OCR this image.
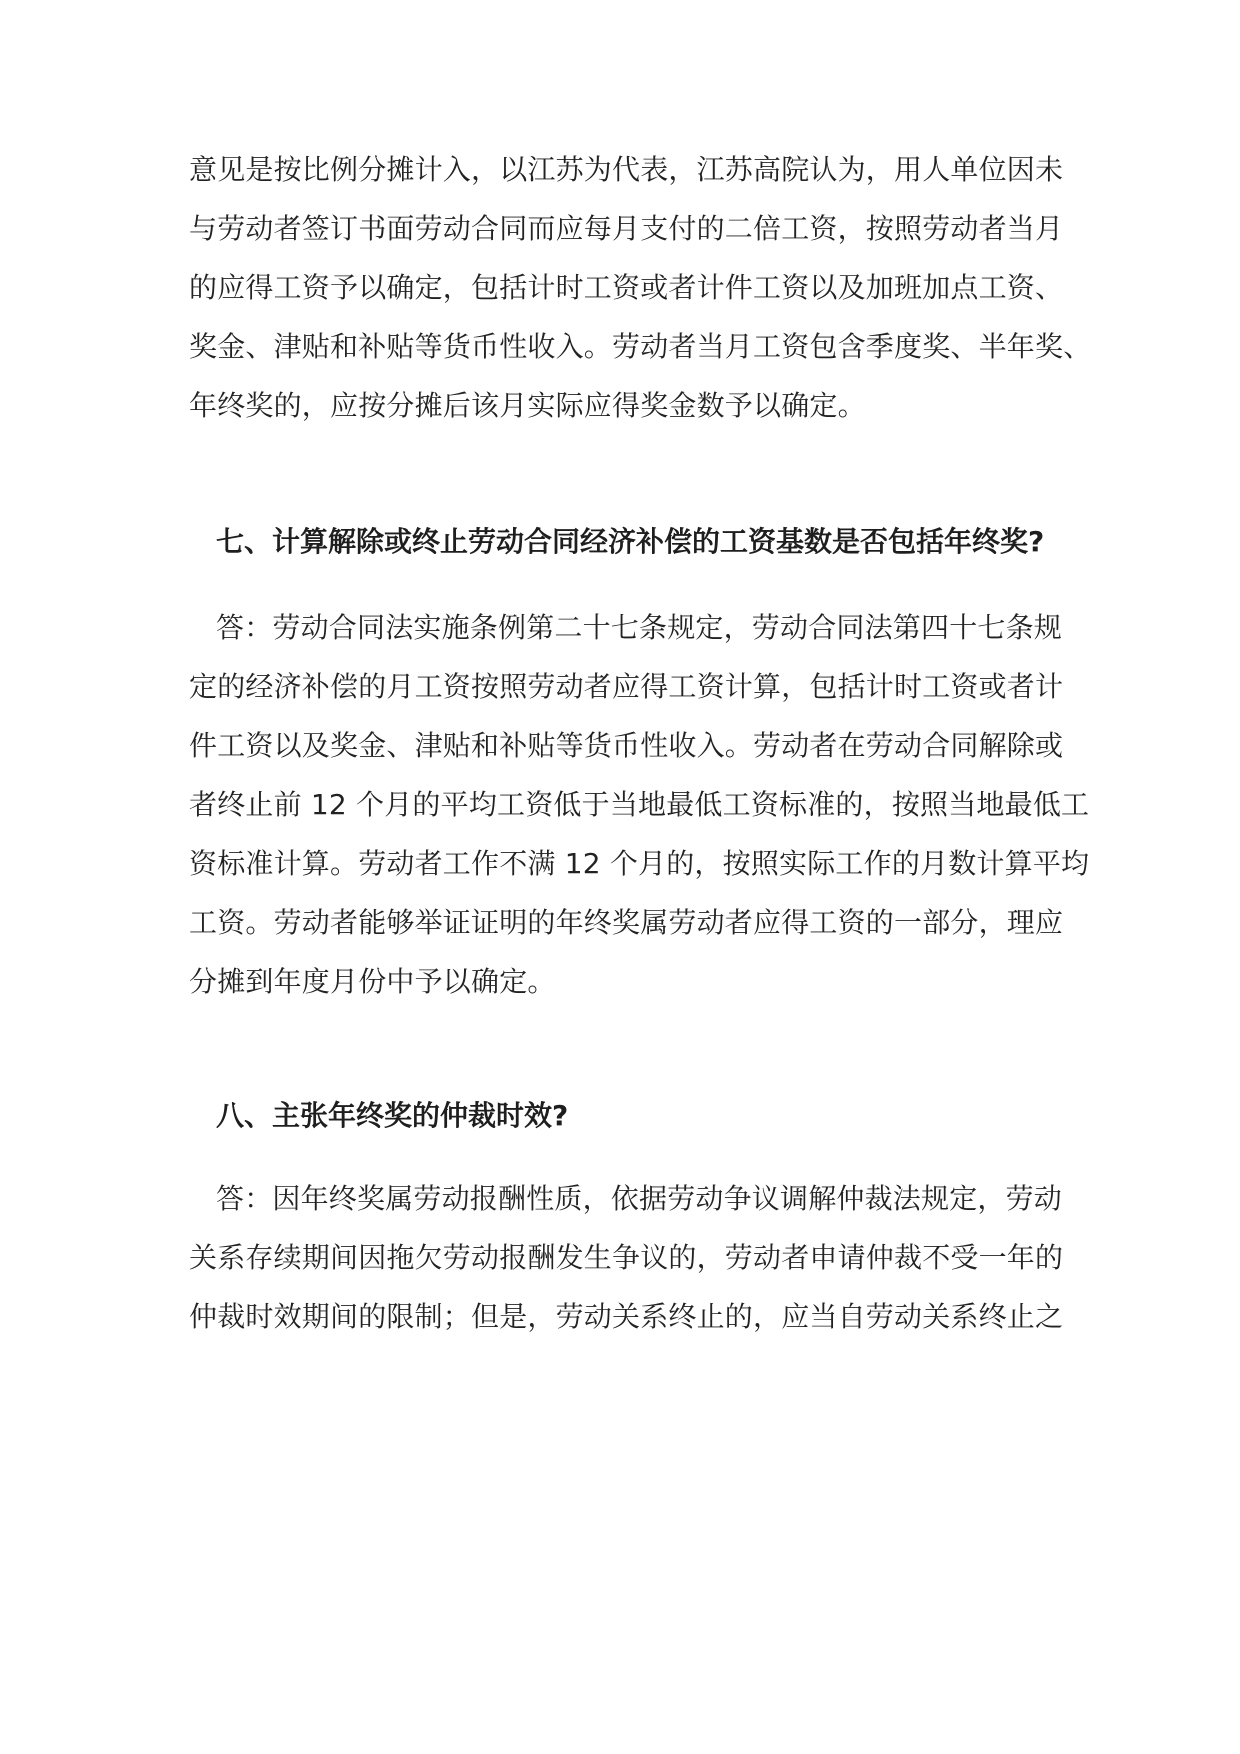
意见是按比例分摊计入，以江苏为代表，江苏高院认为，用人单位因未
与劳动者签订书面劳动合同而应每月支付的二倍工资，按照劳动者当月
的应得工资予以确定，包括计时工资或者计件工资以及加班加点工资、
奖金、津贴和补贴等货币性收入。劳动者当月工资包含季度奖、半年奖、
年终奖的，应按分摊后该月实际应得奖金数予以确定。
七、计算解除或终止劳动合同经济补偿的工资基数是否包括年终奖?
答：劳动合同法实施条例第二十七条规定，劳动合同法第四十七条规
定的经济补偿的月工资按照劳动者应得工资计算，包括计时工资或者计
件工资以及奖金、津贴和补贴等货币性收入。劳动者在劳动合同解除或
者终止前 12 个月的平均工资低于当地最低工资标准的，按照当地最低工
资标准计算。劳动者工作不满 12 个月的，按照实际工作的月数计算平均
工资。劳动者能够举证证明的年终奖属劳动者应得工资的一部分，理应
分摊到年度月份中予以确定。
八、主张年终奖的仲裁时效?
答：因年终奖属劳动报酬性质，依据劳动争议调解仲裁法规定，劳动
关系存续期间因拖欠劳动报酬发生争议的，劳动者申请仲裁不受一年的
仲裁时效期间的限制；但是，劳动关系终止的，应当自劳动关系终止之
